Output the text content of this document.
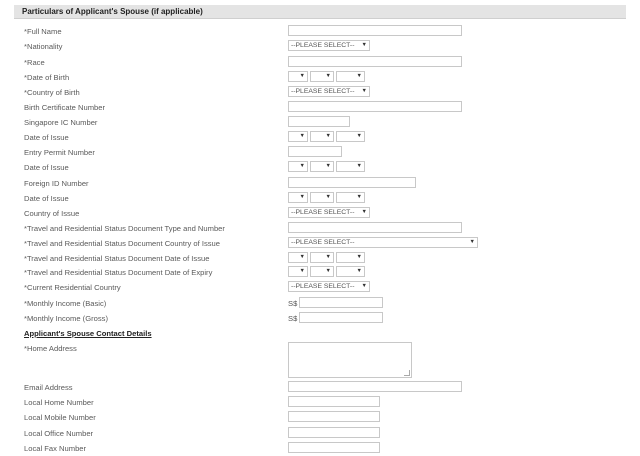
Particulars of Applicant's Spouse (if applicable)
*Full Name
*Nationality	--PLEASE SELECT-- ▼
*Race
*Date of Birth	▼	▼	▼
*Country of Birth	--PLEASE SELECT-- ▼
Birth Certificate Number
Singapore IC Number
Date of Issue	▼	▼	▼
Entry Permit Number
Date of Issue	▼	▼	▼
Foreign ID Number
Date of Issue	▼	▼	▼
Country of Issue	--PLEASE SELECT-- ▼
*Travel and Residential Status Document Type and Number
*Travel and Residential Status Document Country of Issue	--PLEASE SELECT--	▼
*Travel and Residential Status Document Date of Issue	▼	▼	▼
*Travel and Residential Status Document Date of Expiry	▼	▼	▼
*Current Residential Country	--PLEASE SELECT-- ▼
*Monthly Income (Basic)	S$
*Monthly Income (Gross)	S$
Applicant's Spouse Contact Details
*Home Address
Email Address
Local Home Number
Local Mobile Number
Local Office Number
Local Fax Number
